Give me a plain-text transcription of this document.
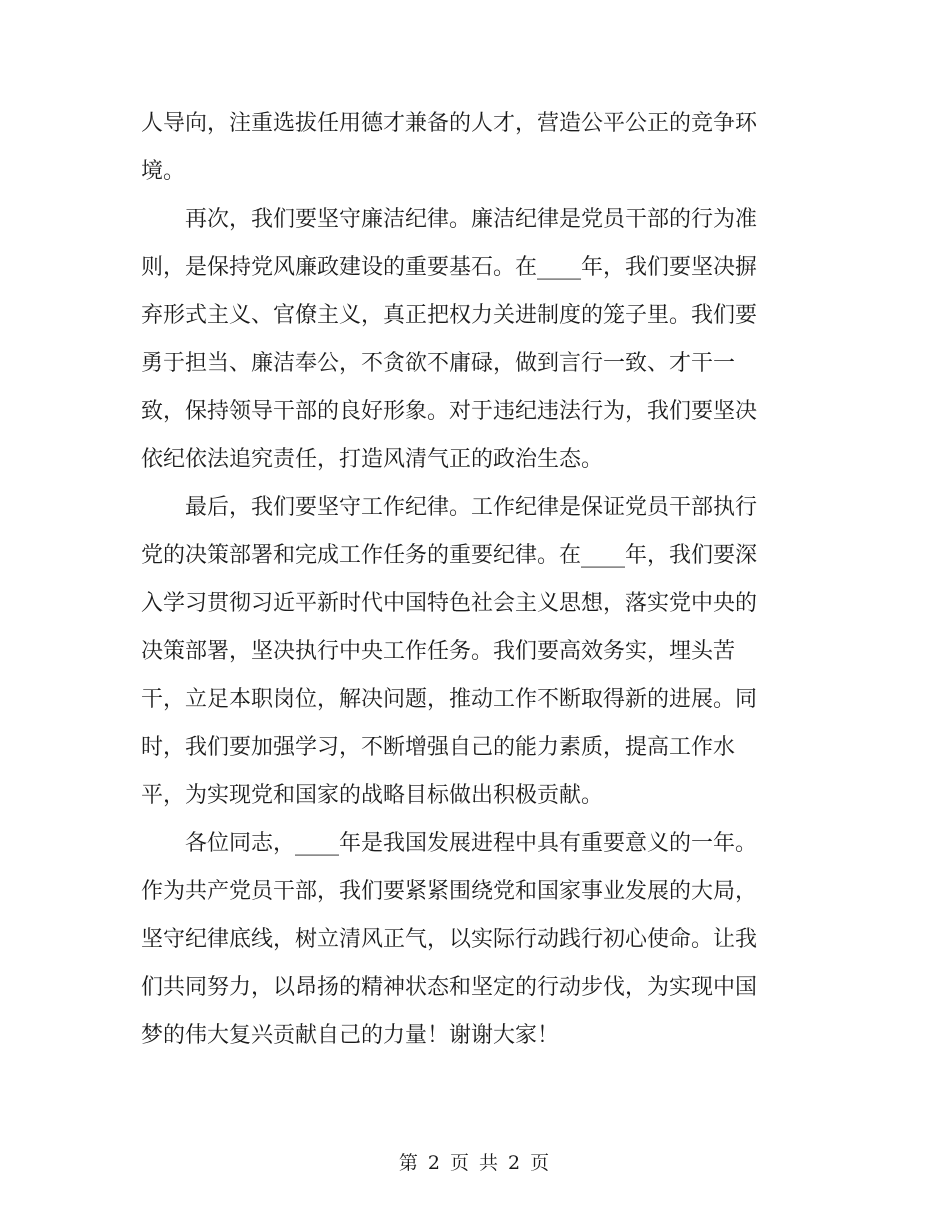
人导向，注重选拔任用德才兼备的人才，营造公平公正的竞争环
境。
再次，我们要坚守廉洁纪律。廉洁纪律是党员干部的行为准
则，是保持党风廉政建设的重要基石。在____年，我们要坚决摒
弃形式主义、官僚主义，真正把权力关进制度的笼子里。我们要
勇于担当、廉洁奉公，不贪欲不庸碌，做到言行一致、才干一
致，保持领导干部的良好形象。对于违纪违法行为，我们要坚决
依纪依法追究责任，打造风清气正的政治生态。
最后，我们要坚守工作纪律。工作纪律是保证党员干部执行
党的决策部署和完成工作任务的重要纪律。在____年，我们要深
入学习贯彻习近平新时代中国特色社会主义思想，落实党中央的
决策部署，坚决执行中央工作任务。我们要高效务实，埋头苦
干，立足本职岗位，解决问题，推动工作不断取得新的进展。同
时，我们要加强学习，不断增强自己的能力素质，提高工作水
平，为实现党和国家的战略目标做出积极贡献。
各位同志，____年是我国发展进程中具有重要意义的一年。
作为共产党员干部，我们要紧紧围绕党和国家事业发展的大局，
坚守纪律底线，树立清风正气，以实际行动践行初心使命。让我
们共同努力，以昂扬的精神状态和坚定的行动步伐，为实现中国
梦的伟大复兴贡献自己的力量！谢谢大家！
第 2 页 共 2 页
